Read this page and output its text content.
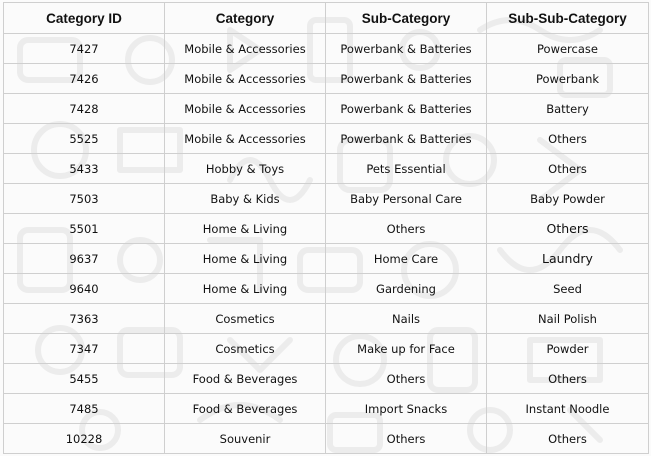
Category ID	Category	Sub-Category	Sub-Sub-Category
7427	Mobile & Accessories	Powerbank & Batteries	Powercase
7426	Mobile & Accessories	Powerbank & Batteries	Powerbank
7428	Mobile & Accessories	Powerbank & Batteries	Battery
5525	Mobile & Accessories	Powerbank & Batteries	Others
5433	Hobby & Toys	Pets Essential	Others
7503	Baby & Kids	Baby Personal Care	Baby Powder
5501	Home & Living	Others	Others
9637	Home & Living	Home Care	Laundry
9640	Home & Living	Gardening	Seed
7363	Cosmetics	Nails	Nail Polish
7347	Cosmetics	Make up for Face	Powder
5455	Food & Beverages	Others	Others
7485	Food & Beverages	Import Snacks	Instant Noodle
10228	Souvenir	Others	Others
